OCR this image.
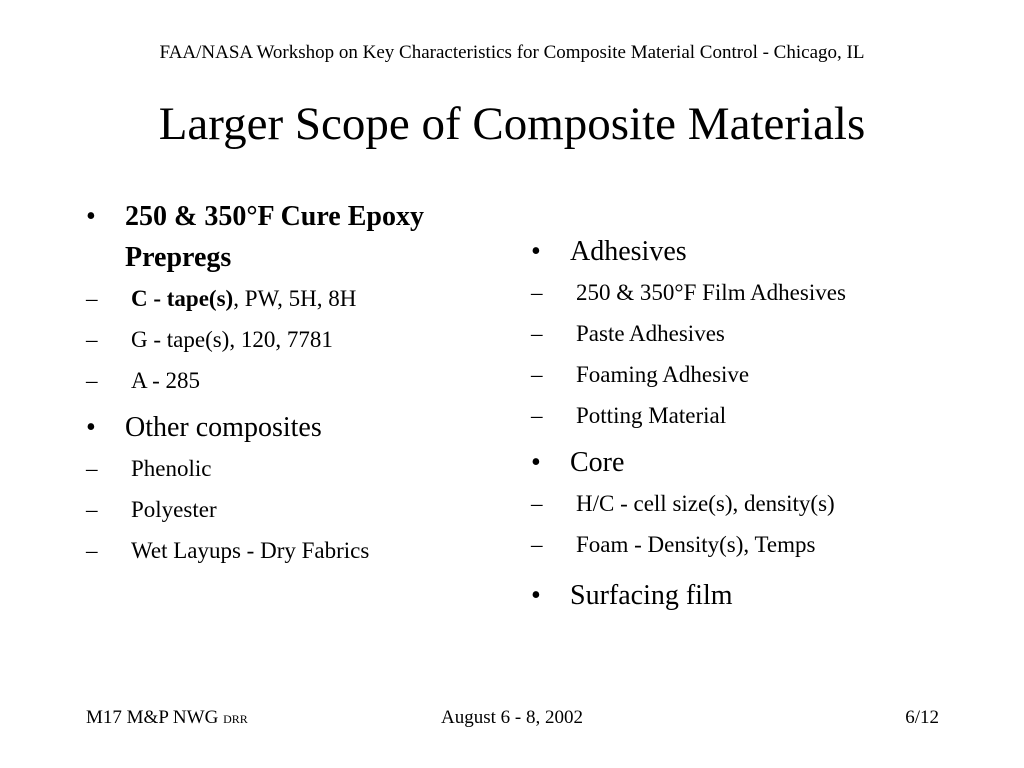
FAA/NASA Workshop on Key Characteristics for Composite Material Control - Chicago, IL
Larger Scope of Composite Materials
• 250 & 350°F Cure Epoxy
Prepregs
– C - tape(s), PW, 5H, 8H
– G - tape(s), 120, 7781
– A - 285
• Other composites
– Phenolic
– Polyester
– Wet Layups - Dry Fabrics
• Adhesives
– 250 & 350°F Film Adhesives
– Paste Adhesives
– Foaming Adhesive
– Potting Material
• Core
– H/C - cell size(s), density(s)
– Foam - Density(s), Temps
• Surfacing film
M17 M&P NWG DRR	August 6 - 8, 2002	6/12
